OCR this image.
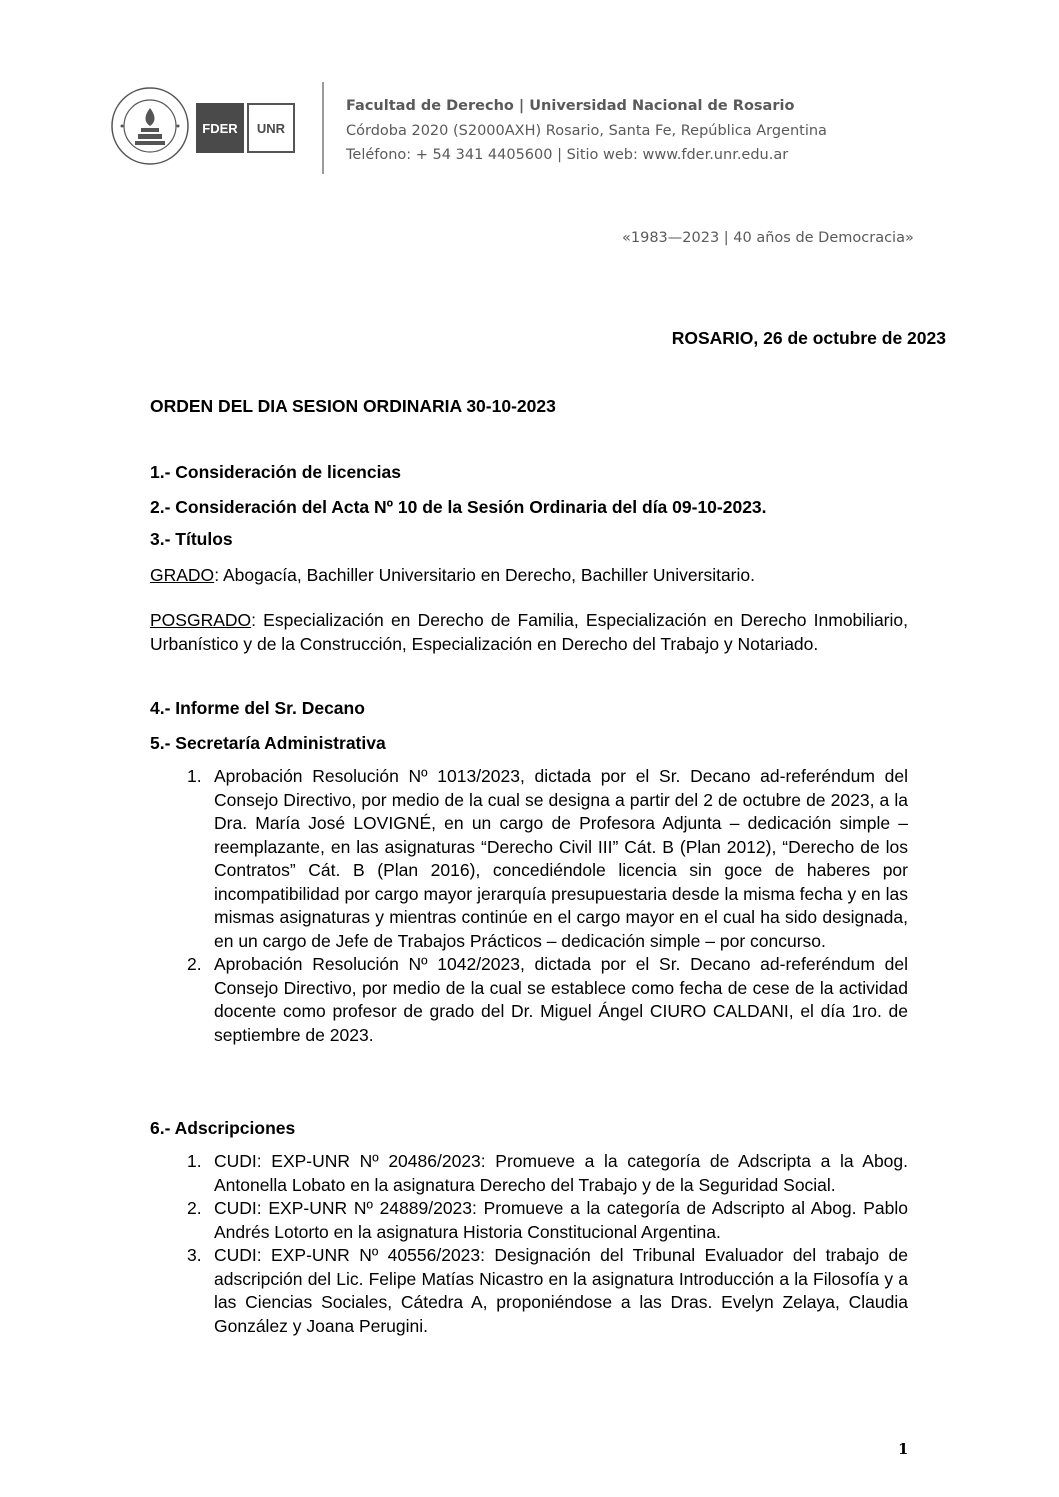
FDER	UNR
Facultad de Derecho | Universidad Nacional de Rosario
Córdoba 2020 (S2000AXH) Rosario, Santa Fe, República Argentina
Teléfono: + 54 341 4405600 | Sitio web: www.fder.unr.edu.ar
«1983—2023 | 40 años de Democracia»
ROSARIO, 26 de octubre de 2023
ORDEN DEL DIA SESION ORDINARIA 30-10-2023
1.- Consideración de licencias
2.- Consideración del Acta Nº 10 de la Sesión Ordinaria del día 09-10-2023.
3.- Títulos
GRADO: Abogacía, Bachiller Universitario en Derecho, Bachiller Universitario.
POSGRADO: Especialización en Derecho de Familia, Especialización en Derecho Inmobiliario, Urbanístico y de la Construcción, Especialización en Derecho del Trabajo y Notariado.
4.- Informe del Sr. Decano
5.- Secretaría Administrativa
1. Aprobación Resolución Nº 1013/2023, dictada por el Sr. Decano ad-referéndum del Consejo Directivo, por medio de la cual se designa a partir del 2 de octubre de 2023, a la Dra. María José LOVIGNÉ, en un cargo de Profesora Adjunta – dedicación simple – reemplazante, en las asignaturas “Derecho Civil III” Cát. B (Plan 2012), “Derecho de los Contratos” Cát. B (Plan 2016), concediéndole licencia sin goce de haberes por incompatibilidad por cargo mayor jerarquía presupuestaria desde la misma fecha y en las mismas asignaturas y mientras continúe en el cargo mayor en el cual ha sido designada, en un cargo de Jefe de Trabajos Prácticos – dedicación simple – por concurso.
2. Aprobación Resolución Nº 1042/2023, dictada por el Sr. Decano ad-referéndum del Consejo Directivo, por medio de la cual se establece como fecha de cese de la actividad docente como profesor de grado del Dr. Miguel Ángel CIURO CALDANI, el día 1ro. de septiembre de 2023.
6.- Adscripciones
1. CUDI: EXP-UNR Nº 20486/2023: Promueve a la categoría de Adscripta a la Abog. Antonella Lobato en la asignatura Derecho del Trabajo y de la Seguridad Social.
2. CUDI: EXP-UNR Nº 24889/2023: Promueve a la categoría de Adscripto al Abog. Pablo Andrés Lotorto en la asignatura Historia Constitucional Argentina.
3. CUDI: EXP-UNR Nº 40556/2023: Designación del Tribunal Evaluador del trabajo de adscripción del Lic. Felipe Matías Nicastro en la asignatura Introducción a la Filosofía y a las Ciencias Sociales, Cátedra A, proponiéndose a las Dras. Evelyn Zelaya, Claudia González y Joana Perugini.
1
